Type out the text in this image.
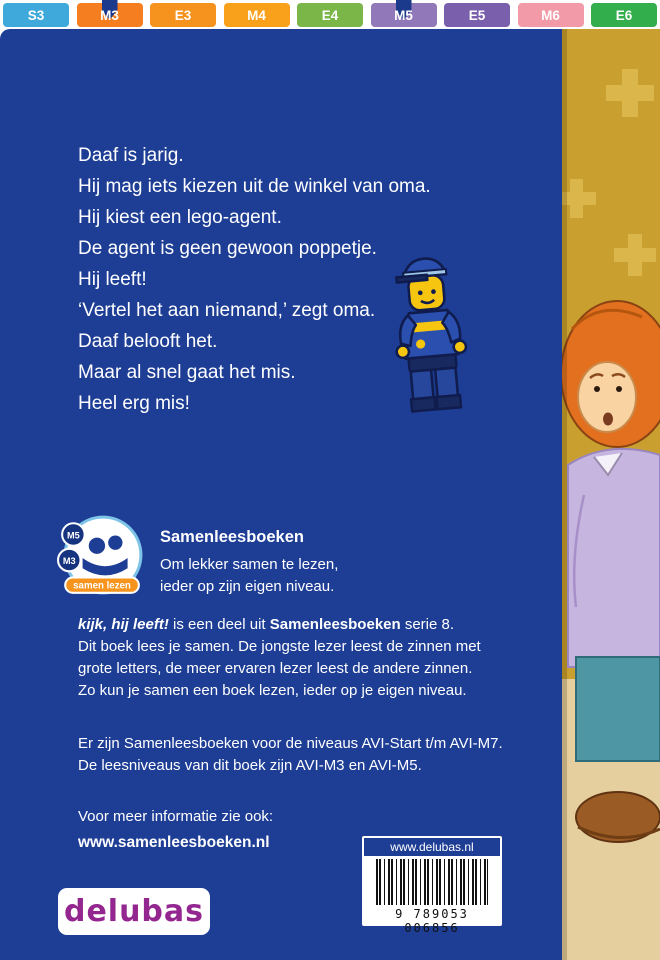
S3	M3	E3	M4	E4	M5	E5	M6	E6
Daaf is jarig.
Hij mag iets kiezen uit de winkel van oma.
Hij kiest een lego-agent.
De agent is geen gewoon poppetje.
Hij leeft!
‘Vertel het aan niemand,’ zegt oma.
Daaf belooft het.
Maar al snel gaat het mis.
Heel erg mis!
M5
M3
samen lezen
Samenleesboeken
Om lekker samen te lezen,
ieder op zijn eigen niveau.
kijk, hij leeft! is een deel uit Samenleesboeken serie 8.
Dit boek lees je samen. De jongste lezer leest de zinnen met
grote letters, de meer ervaren lezer leest de andere zinnen.
Zo kun je samen een boek lezen, ieder op je eigen niveau.
Er zijn Samenleesboeken voor de niveaus AVI-Start t/m AVI-M7.
De leesniveaus van dit boek zijn AVI-M3 en AVI-M5.
Voor meer informatie zie ook:
www.samenleesboeken.nl
delubas
www.delubas.nl
9 789053 006856
